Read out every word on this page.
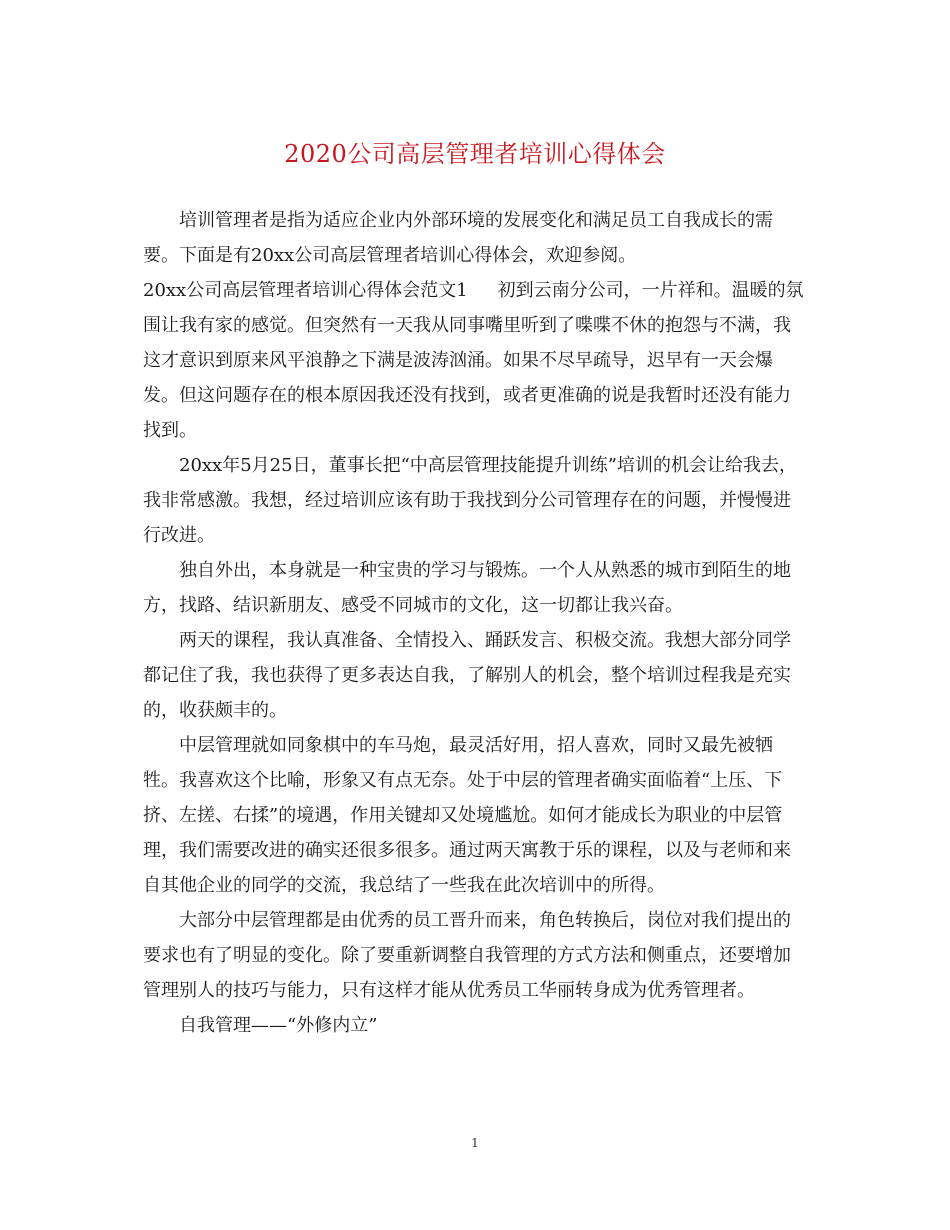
2020公司高层管理者培训心得体会

培训管理者是指为适应企业内外部环境的发展变化和满足员工自我成长的需要。下面是有20xx公司高层管理者培训心得体会，欢迎参阅。

20xx公司高层管理者培训心得体会范文1 初到云南分公司，一片祥和。温暖的氛围让我有家的感觉。但突然有一天我从同事嘴里听到了喋喋不休的抱怨与不满，我这才意识到原来风平浪静之下满是波涛汹涌。如果不尽早疏导，迟早有一天会爆发。但这问题存在的根本原因我还没有找到，或者更准确的说是我暂时还没有能力找到。

20xx年5月25日，董事长把“中高层管理技能提升训练”培训的机会让给我去，我非常感激。我想，经过培训应该有助于我找到分公司管理存在的问题，并慢慢进行改进。

独自外出，本身就是一种宝贵的学习与锻炼。一个人从熟悉的城市到陌生的地方，找路、结识新朋友、感受不同城市的文化，这一切都让我兴奋。

两天的课程，我认真准备、全情投入、踊跃发言、积极交流。我想大部分同学都记住了我，我也获得了更多表达自我，了解别人的机会，整个培训过程我是充实的，收获颇丰的。

中层管理就如同象棋中的车马炮，最灵活好用，招人喜欢，同时又最先被牺牲。我喜欢这个比喻，形象又有点无奈。处于中层的管理者确实面临着“上压、下挤、左搓、右揉”的境遇，作用关键却又处境尴尬。如何才能成长为职业的中层管理，我们需要改进的确实还很多很多。通过两天寓教于乐的课程，以及与老师和来自其他企业的同学的交流，我总结了一些我在此次培训中的所得。

大部分中层管理都是由优秀的员工晋升而来，角色转换后，岗位对我们提出的要求也有了明显的变化。除了要重新调整自我管理的方式方法和侧重点，还要增加管理别人的技巧与能力，只有这样才能从优秀员工华丽转身成为优秀管理者。

自我管理——“外修内立”

1
